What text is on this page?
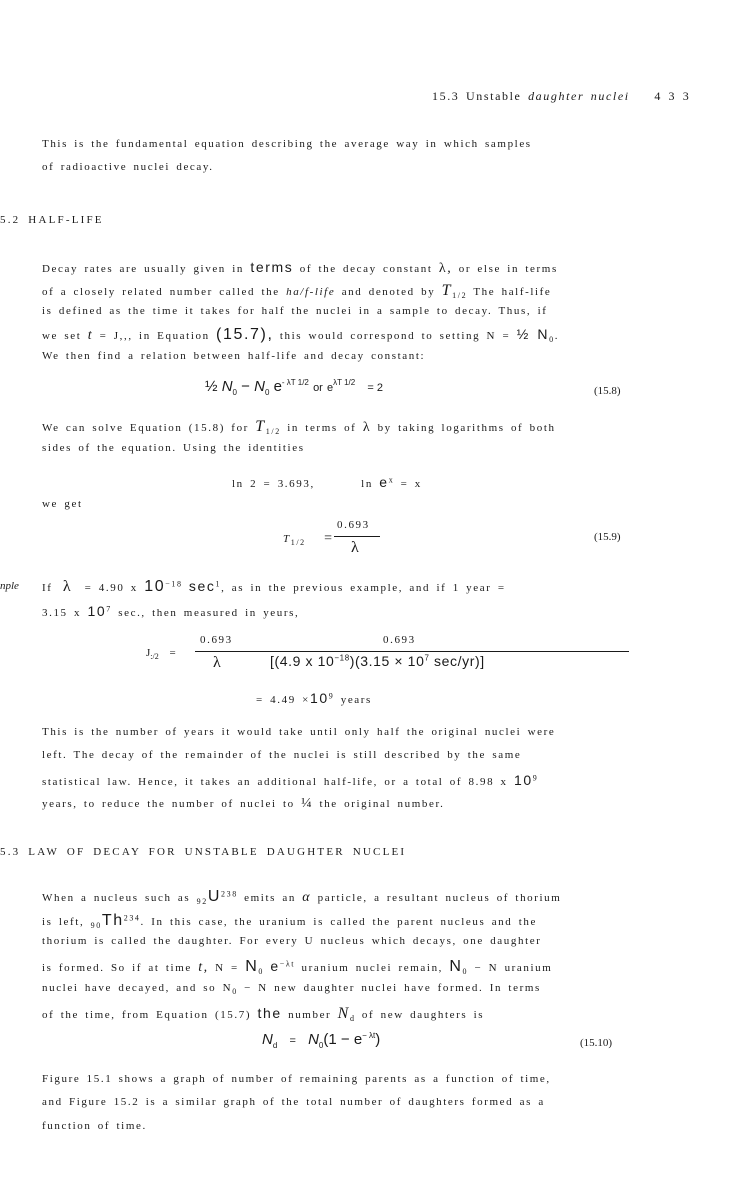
15.3 Unstable daughter nuclei 4 3 3
This is the fundamental equation describing the average way in which samples
of radioactive nuclei decay.
5.2 HALF-LIFE
Decay rates are usually given in terms of the decay constant λ, or else in terms
of a closely related number called the ha/f-life and denoted by $T_{1/2}$ The half-life
is defined as the time it takes for half the nuclei in a sample to decay. Thus, if
we set t = J,,, in Equation (15.7), this would correspond to setting N = ½ $N_0$.
We then find a relation between half-life and decay constant:
½ $N_0 - N_0$ $e^{- \lambda T 1/2}$ or $e^{\lambda T 1/2} = 2$	(15.8)
We can solve Equation (15.8) for $T_{1/2}$ in terms of λ by taking logarithms of both
sides of the equation. Using the identities
ln 2 = 3.693,	$\ln e^x = x$
we get
$T_{1/2}$ =
0.693
λ
(15.9)
nple If λ = 4.90 x $10^{-18}$ $\sec^1$, as in the previous example, and if 1 year =
3.15 x $10^7$ sec., then measured in yeurs,
$J_{:/2}$ =
0.693	0.693
λ	[(4.9 x $10^{-18})(3.15 \times 10^7$ sec/yr)]
= $4.49 \times 10^9$ years
This is the number of years it would take until only half the original nuclei were
left. The decay of the remainder of the nuclei is still described by the same
statistical law. Hence, it takes an additional half-life, or a total of 8.98 x $10^9$
years, to reduce the number of nuclei to ¼ the original number.
5.3 LAW OF DECAY FOR UNSTABLE DAUGHTER NUCLEI
When a nucleus such as $_{92}U^{238}$ emits an α particle, a resultant nucleus of thorium
is left, $_{90}Th^{234}$. In this case, the uranium is called the parent nucleus and the
thorium is called the daughter. For every U nucleus which decays, one daughter
is formed. So if at time t, $N = N_0$ $e^{-\lambda t}$ uranium nuclei remain, $N_0 - N$ uranium
nuclei have decayed, and so $N_0 - N$ new daughter nuclei have formed. In terms
of the time, from Equation (15.7) the number $N_d$ of new daughters is
$N_d = N_0(1 - e^{- \lambda t})$	(15.10)
Figure 15.1 shows a graph of number of remaining parents as a function of time,
and Figure 15.2 is a similar graph of the total number of daughters formed as a
function of time.
